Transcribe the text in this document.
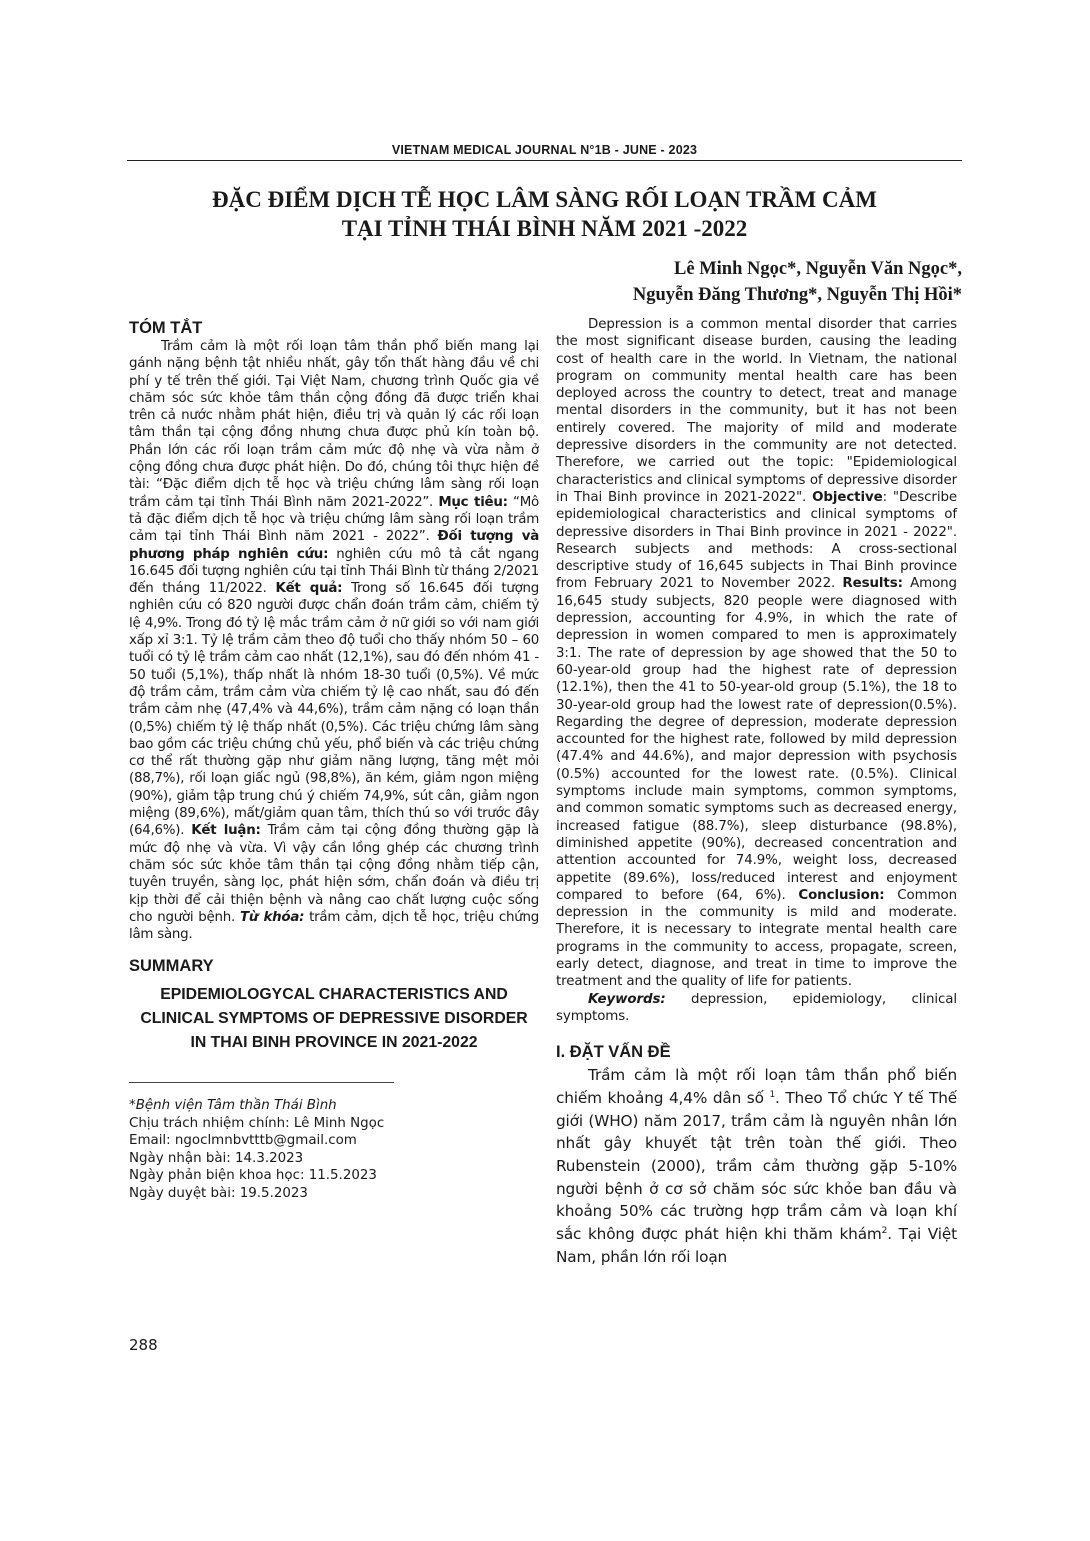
VIETNAM MEDICAL JOURNAL N°1B - JUNE - 2023
ĐẶC ĐIỂM DỊCH TỄ HỌC LÂM SÀNG RỐI LOẠN TRẦM CẢM
TẠI TỈNH THÁI BÌNH NĂM 2021 -2022
Lê Minh Ngọc*, Nguyễn Văn Ngọc*,
Nguyễn Đăng Thương*, Nguyễn Thị Hồi*
TÓM TẮT

Trầm cảm là một rối loạn tâm thần phổ biến mang lại gánh nặng bệnh tật nhiều nhất, gây tổn thất hàng đầu về chi phí y tế trên thế giới. Tại Việt Nam, chương trình Quốc gia về chăm sóc sức khỏe tâm thần cộng đồng đã được triển khai trên cả nước nhằm phát hiện, điều trị và quản lý các rối loạn tâm thần tại cộng đồng nhưng chưa được phủ kín toàn bộ. Phần lớn các rối loạn trầm cảm mức độ nhẹ và vừa nằm ở cộng đồng chưa được phát hiện. Do đó, chúng tôi thực hiện đề tài: “Đặc điểm dịch tễ học và triệu chứng lâm sàng rối loạn trầm cảm tại tỉnh Thái Bình năm 2021-2022”. Mục tiêu: “Mô tả đặc điểm dịch tễ học và triệu chứng lâm sàng rối loạn trầm cảm tại tỉnh Thái Bình năm 2021 - 2022”. Đối tượng và phương pháp nghiên cứu: nghiên cứu mô tả cắt ngang 16.645 đối tượng nghiên cứu tại tỉnh Thái Bình từ tháng 2/2021 đến tháng 11/2022. Kết quả: Trong số 16.645 đối tượng nghiên cứu có 820 người được chẩn đoán trầm cảm, chiếm tỷ lệ 4,9%. Trong đó tỷ lệ mắc trầm cảm ở nữ giới so với nam giới xấp xỉ 3:1. Tỷ lệ trầm cảm theo độ tuổi cho thấy nhóm 50 – 60 tuổi có tỷ lệ trầm cảm cao nhất (12,1%), sau đó đến nhóm 41 - 50 tuổi (5,1%), thấp nhất là nhóm 18-30 tuổi (0,5%). Về mức độ trầm cảm, trầm cảm vừa chiếm tỷ lệ cao nhất, sau đó đến trầm cảm nhẹ (47,4% và 44,6%), trầm cảm nặng có loạn thần (0,5%) chiếm tỷ lệ thấp nhất (0,5%). Các triệu chứng lâm sàng bao gồm các triệu chứng chủ yếu, phổ biến và các triệu chứng cơ thể rất thường gặp như giảm năng lượng, tăng mệt mỏi (88,7%), rối loạn giấc ngủ (98,8%), ăn kém, giảm ngon miệng (90%), giảm tập trung chú ý chiếm 74,9%, sút cân, giảm ngon miệng (89,6%), mất/giảm quan tâm, thích thú so với trước đây (64,6%). Kết luận: Trầm cảm tại cộng đồng thường gặp là mức độ nhẹ và vừa. Vì vậy cần lồng ghép các chương trình chăm sóc sức khỏe tâm thần tại cộng đồng nhằm tiếp cận, tuyên truyền, sàng lọc, phát hiện sớm, chẩn đoán và điều trị kịp thời để cải thiện bệnh và nâng cao chất lượng cuộc sống cho người bệnh. Từ khóa: trầm cảm, dịch tễ học, triệu chứng lâm sàng.

SUMMARY
EPIDEMIOLOGYCAL CHARACTERISTICS AND CLINICAL SYMPTOMS OF DEPRESSIVE DISORDER IN THAI BINH PROVINCE IN 2021-2022
*Bệnh viện Tâm thần Thái Bình
Chịu trách nhiệm chính: Lê Minh Ngọc
Email: ngoclmnbvtttb@gmail.com
Ngày nhận bài: 14.3.2023
Ngày phản biện khoa học: 11.5.2023
Ngày duyệt bài: 19.5.2023
288

Depression is a common mental disorder that carries the most significant disease burden, causing the leading cost of health care in the world. In Vietnam, the national program on community mental health care has been deployed across the country to detect, treat and manage mental disorders in the community, but it has not been entirely covered. The majority of mild and moderate depressive disorders in the community are not detected. Therefore, we carried out the topic: "Epidemiological characteristics and clinical symptoms of depressive disorder in Thai Binh province in 2021-2022". Objective: "Describe epidemiological characteristics and clinical symptoms of depressive disorders in Thai Binh province in 2021 - 2022". Research subjects and methods: A cross-sectional descriptive study of 16,645 subjects in Thai Binh province from February 2021 to November 2022. Results: Among 16,645 study subjects, 820 people were diagnosed with depression, accounting for 4.9%, in which the rate of depression in women compared to men is approximately 3:1. The rate of depression by age showed that the 50 to 60-year-old group had the highest rate of depression (12.1%), then the 41 to 50-year-old group (5.1%), the 18 to 30-year-old group had the lowest rate of depression(0.5%). Regarding the degree of depression, moderate depression accounted for the highest rate, followed by mild depression (47.4% and 44.6%), and major depression with psychosis (0.5%) accounted for the lowest rate. (0.5%). Clinical symptoms include main symptoms, common symptoms, and common somatic symptoms such as decreased energy, increased fatigue (88.7%), sleep disturbance (98.8%), diminished appetite (90%), decreased concentration and attention accounted for 74.9%, weight loss, decreased appetite (89.6%), loss/reduced interest and enjoyment compared to before (64, 6%). Conclusion: Common depression in the community is mild and moderate. Therefore, it is necessary to integrate mental health care programs in the community to access, propagate, screen, early detect, diagnose, and treat in time to improve the treatment and the quality of life for patients.

Keywords: depression, epidemiology, clinical symptoms.

I. ĐẶT VẤN ĐỀ

Trầm cảm là một rối loạn tâm thần phổ biến chiếm khoảng 4,4% dân số $^1$. Theo Tổ chức Y tế Thế giới (WHO) năm 2017, trầm cảm là nguyên nhân lớn nhất gây khuyết tật trên toàn thế giới. Theo Rubenstein (2000), trầm cảm thường gặp 5-10% người bệnh ở cơ sở chăm sóc sức khỏe ban đầu và khoảng 50% các trường hợp trầm cảm và loạn khí sắc không được phát hiện khi thăm khám$^2$. Tại Việt Nam, phần lớn rối loạn
